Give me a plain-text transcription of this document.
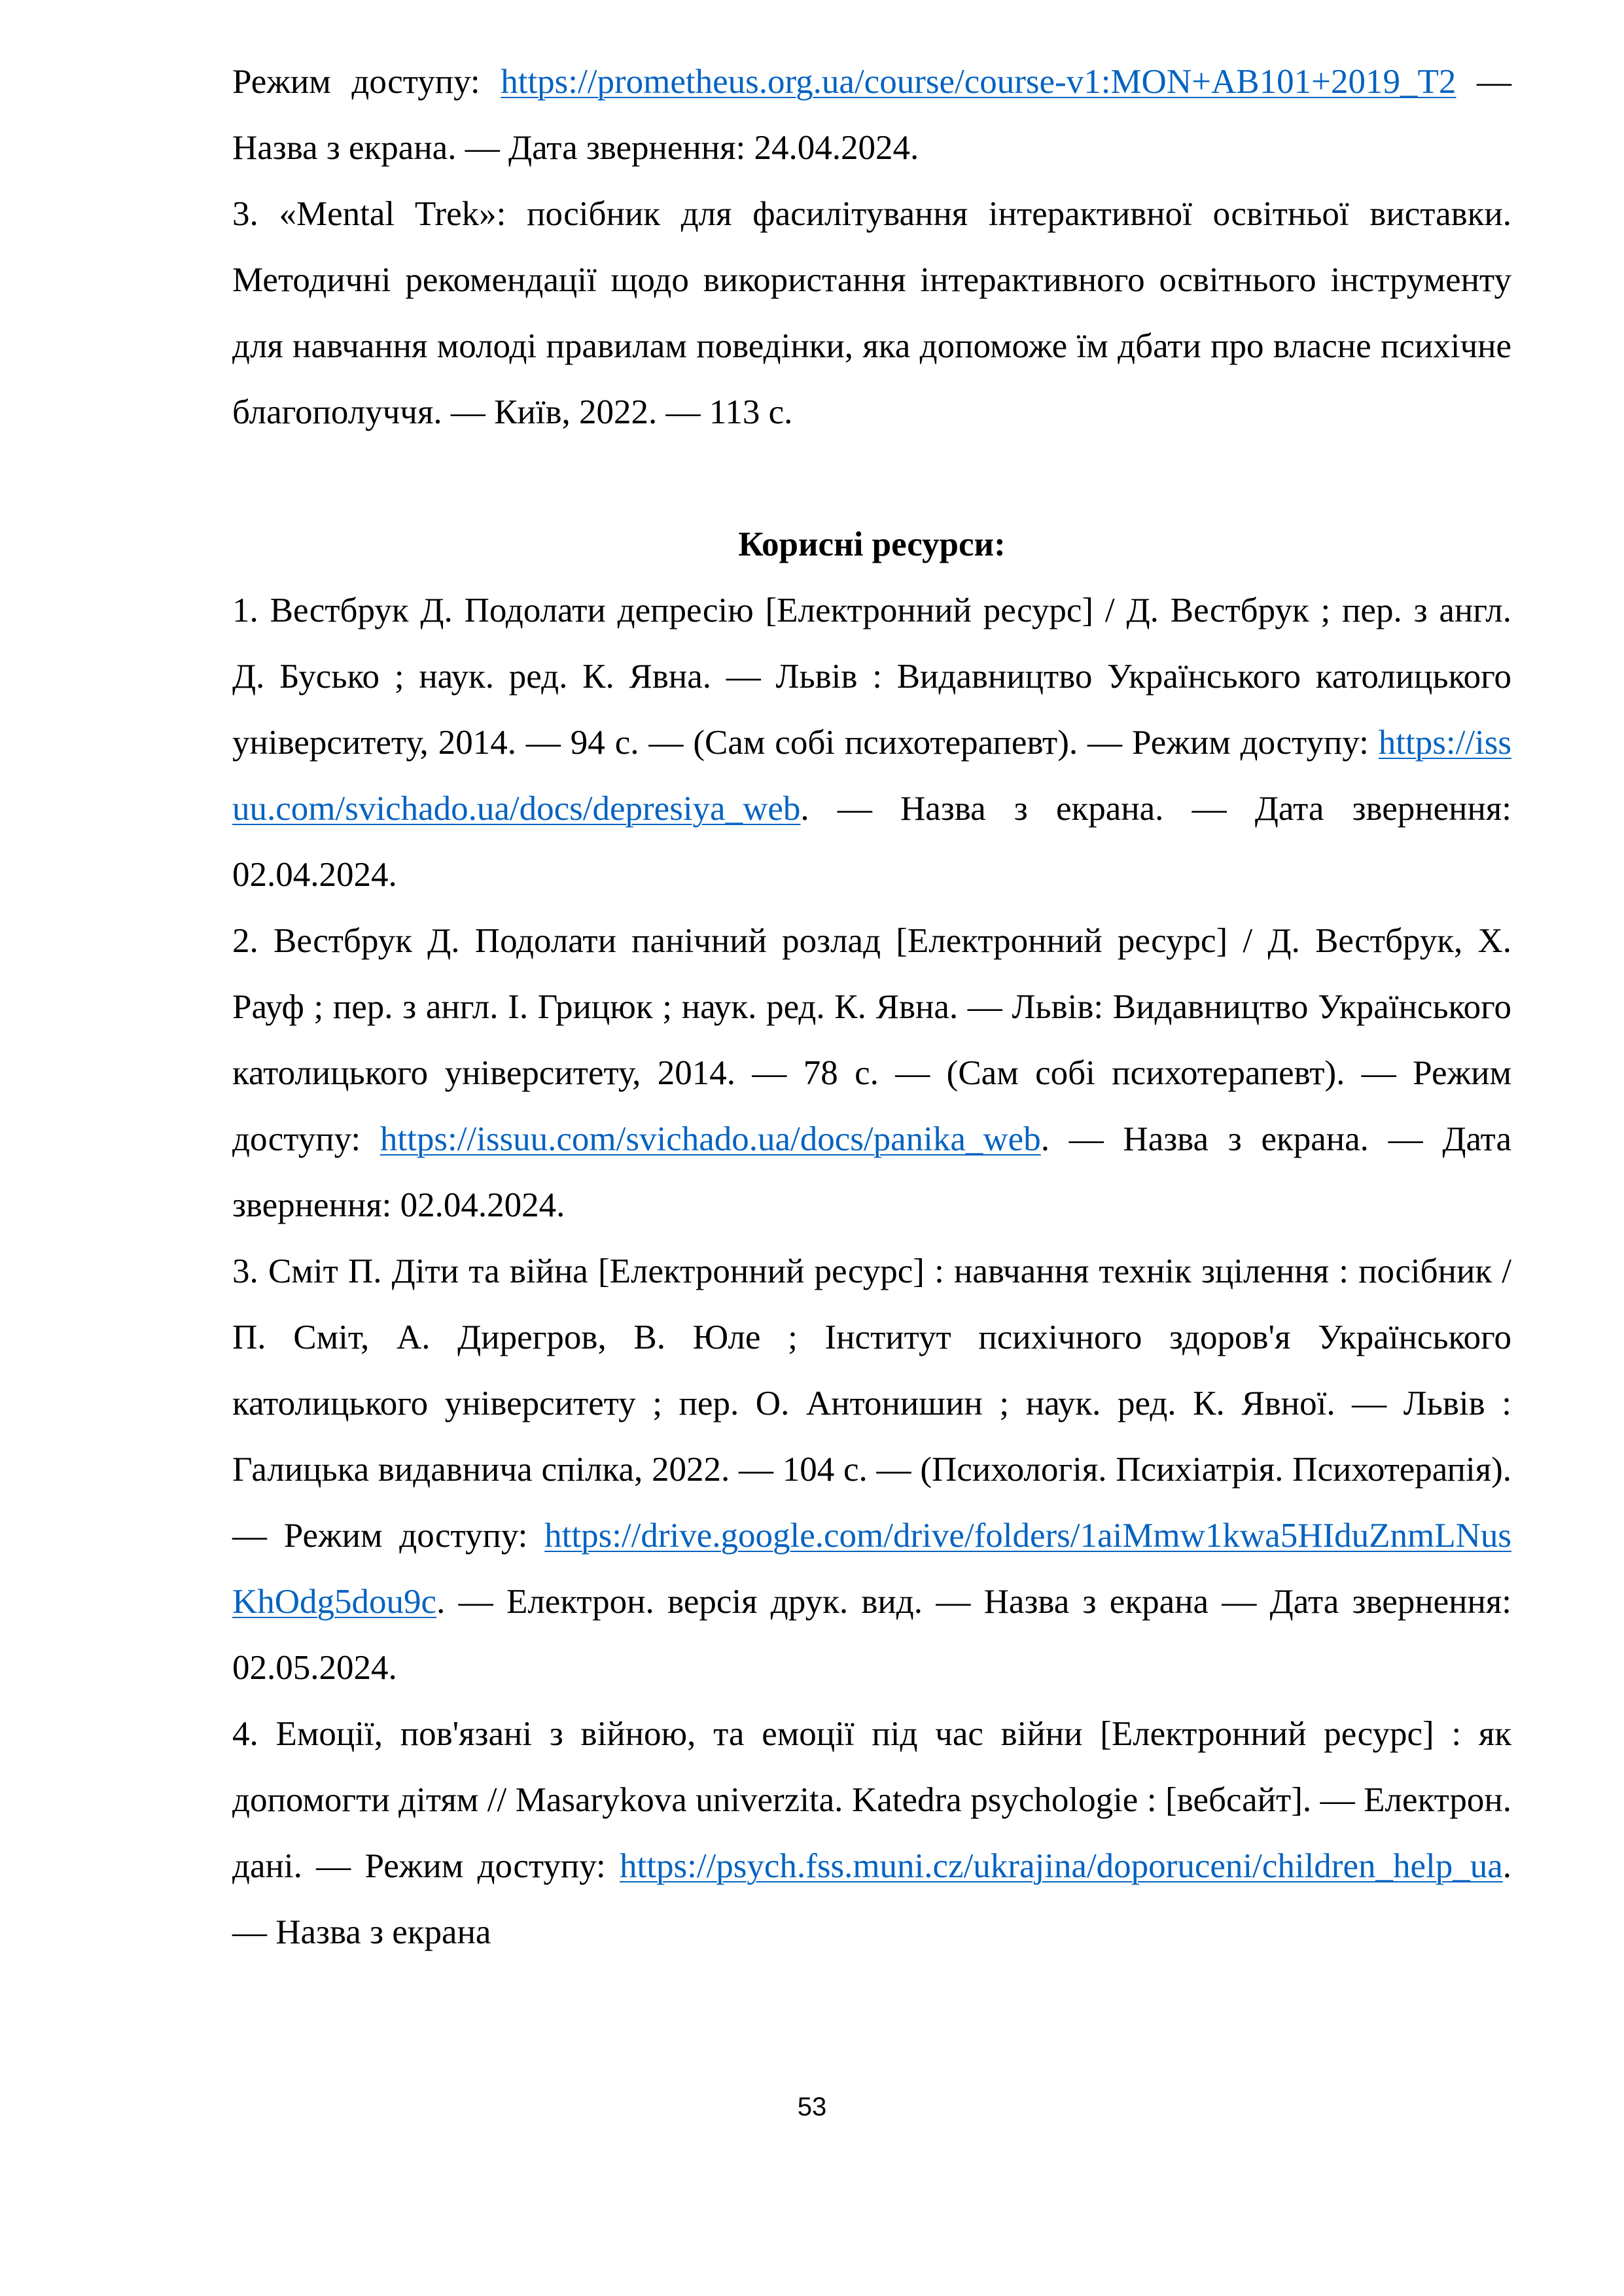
Режим доступу: https://prometheus.org.ua/course/course-v1:MON+AB101+2019_T2 — Назва з екрана. — Дата звернення: 24.04.2024.

3. «Mental Trek»: посібник для фасилітування інтерактивної освітньої виставки. Методичні рекомендації щодо використання інтерактивного освітнього інструменту для навчання молоді правилам поведінки, яка допоможе їм дбати про власне психічне благополуччя. — Київ, 2022. — 113 с.

Корисні ресурси:

1. Вестбрук Д. Подолати депресію [Електронний ресурс] / Д. Вестбрук ; пер. з англ. Д. Бусько ; наук. ред. К. Явна. — Львів : Видавництво Українського католицького університету, 2014. — 94 с. — (Сам собі психотерапевт). — Режим доступу: https://issuu.com/svichado.ua/docs/depresiya_web. — Назва з екрана. — Дата звернення: 02.04.2024.

2. Вестбрук Д. Подолати панічний розлад [Електронний ресурс] / Д. Вестбрук, Х. Рауф ; пер. з англ. І. Грицюк ; наук. ред. К. Явна. — Львів: Видавництво Українського католицького університету, 2014. — 78 с. — (Сам собі психотерапевт). — Режим доступу: https://issuu.com/svichado.ua/docs/panika_web. — Назва з екрана. — Дата звернення: 02.04.2024.

3. Сміт П. Діти та війна [Електронний ресурс] : навчання технік зцілення : посібник / П. Сміт, А. Дирегров, В. Юле ; Інститут психічного здоров'я Українського католицького університету ; пер. О. Антонишин ; наук. ред. К. Явної. — Львів : Галицька видавнича спілка, 2022. — 104 с. — (Психологія. Психіатрія. Психотерапія). — Режим доступу: https://drive.google.com/drive/folders/1aiMmw1kwa5HIduZnmLNusKhOdg5dou9c. — Електрон. версія друк. вид. — Назва з екрана — Дата звернення: 02.05.2024.

4. Емоції, пов'язані з війною, та емоції під час війни [Електронний ресурс] : як допомогти дітям // Masarykova univerzita. Katedra psychologie : [вебсайт]. — Електрон. дані. — Режим доступу: https://psych.fss.muni.cz/ukrajina/doporuceni/children_help_ua. — Назва з екрана

53
